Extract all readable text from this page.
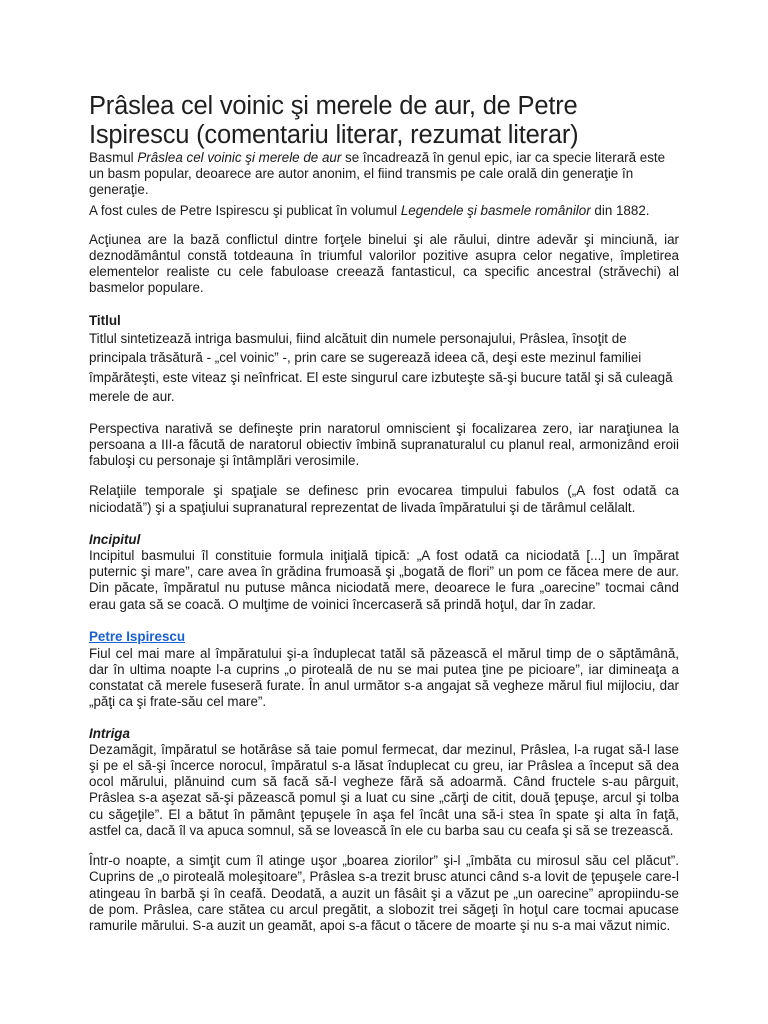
Prâslea cel voinic şi merele de aur, de Petre Ispirescu (comentariu literar, rezumat literar)

Basmul Prâslea cel voinic şi merele de aur se încadrează în genul epic, iar ca specie literară este un basm popular, deoarece are autor anonim, el fiind transmis pe cale orală din generaţie în generaţie.

A fost cules de Petre Ispirescu şi publicat în volumul Legendele şi basmele românilor din 1882.

Acţiunea are la bază conflictul dintre forţele binelui şi ale răului, dintre adevăr şi minciună, iar deznodământul constă totdeauna în triumful valorilor pozitive asupra celor negative, împletirea elementelor realiste cu cele fabuloase creează fantasticul, ca specific ancestral (străvechi) al basmelor populare.

Titlul

Titlul sintetizează intriga basmului, fiind alcătuit din numele personajului, Prâslea, însoţit de principala trăsătură - „cel voinic” -, prin care se sugerează ideea că, deşi este mezinul familiei împărăteşti, este viteaz şi neînfricat. El este singurul care izbuteşte să-şi bucure tatăl şi să culeagă merele de aur.

Perspectiva narativă se defineşte prin naratorul omniscient şi focalizarea zero, iar naraţiunea la persoana a III-a făcută de naratorul obiectiv îmbină supranaturalul cu planul real, armonizând eroii fabuloşi cu personaje şi întâmplări verosimile.

Relaţiile temporale şi spaţiale se definesc prin evocarea timpului fabulos („A fost odată ca niciodată”) şi a spaţiului supranatural reprezentat de livada împăratului şi de tărâmul celălalt.

Incipitul

Incipitul basmului îl constituie formula iniţială tipică: „A fost odată ca niciodată [...] un împărat puternic şi mare”, care avea în grădina frumoasă şi „bogată de flori” un pom ce făcea mere de aur. Din păcate, împăratul nu putuse mânca niciodată mere, deoarece le fura „oarecine” tocmai când erau gata să se coacă. O mulţime de voinici încercaseră să prindă hoţul, dar în zadar.

Petre Ispirescu

Fiul cel mai mare al împăratului şi-a înduplecat tatăl să păzească el mărul timp de o săptămână, dar în ultima noapte l-a cuprins „o piroteală de nu se mai putea ţine pe picioare”, iar dimineaţa a constatat că merele fuseseră furate. În anul următor s-a angajat să vegheze mărul fiul mijlociu, dar „păţi ca şi frate-său cel mare”.

Intriga

Dezamăgit, împăratul se hotărâse să taie pomul fermecat, dar mezinul, Prâslea, l-a rugat să-l lase şi pe el să-şi încerce norocul, împăratul s-a lăsat înduplecat cu greu, iar Prâslea a început să dea ocol mărului, plănuind cum să facă să-l vegheze fără să adoarmă. Când fructele s-au pârguit, Prâslea s-a aşezat să-şi păzească pomul şi a luat cu sine „cărţi de citit, două ţepuşe, arcul şi tolba cu săgeţile”. El a bătut în pământ ţepuşele în aşa fel încât una să-i stea în spate şi alta în faţă, astfel ca, dacă îl va apuca somnul, să se lovească în ele cu barba sau cu ceafa şi să se trezească.

Într-o noapte, a simţit cum îl atinge uşor „boarea ziorilor” şi-l „îmbăta cu mirosul său cel plăcut”. Cuprins de „o piroteală moleşitoare”, Prâslea s-a trezit brusc atunci când s-a lovit de ţepuşele care-l atingeau în barbă şi în ceafă. Deodată, a auzit un fâsâit şi a văzut pe „un oarecine” apropiindu-se de pom. Prâslea, care stătea cu arcul pregătit, a slobozit trei săgeţi în hoţul care tocmai apucase ramurile mărului. S-a auzit un geamăt, apoi s-a făcut o tăcere de moarte şi nu s-a mai văzut nimic.
